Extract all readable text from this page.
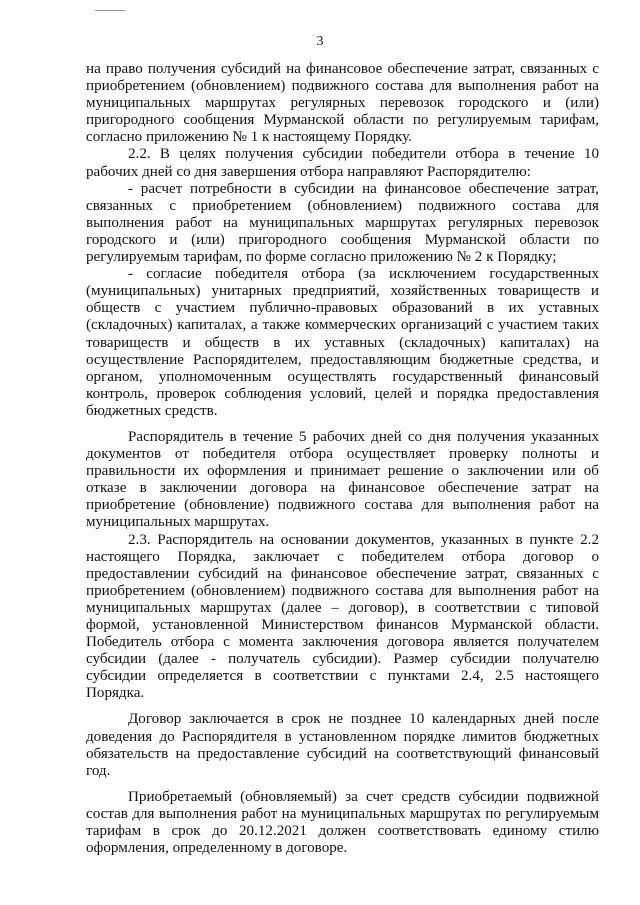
3

на право получения субсидий на финансовое обеспечение затрат, связанных с приобретением (обновлением) подвижного состава для выполнения работ на муниципальных маршрутах регулярных перевозок городского и (или) пригородного сообщения Мурманской области по регулируемым тарифам, согласно приложению № 1 к настоящему Порядку.

2.2. В целях получения субсидии победители отбора в течение 10 рабочих дней со дня завершения отбора направляют Распорядителю:

- расчет потребности в субсидии на финансовое обеспечение затрат, связанных с приобретением (обновлением) подвижного состава для выполнения работ на муниципальных маршрутах регулярных перевозок городского и (или) пригородного сообщения Мурманской области по регулируемым тарифам, по форме согласно приложению № 2 к Порядку;

- согласие победителя отбора (за исключением государственных (муниципальных) унитарных предприятий, хозяйственных товариществ и обществ с участием публично-правовых образований в их уставных (складочных) капиталах, а также коммерческих организаций с участием таких товариществ и обществ в их уставных (складочных) капиталах) на осуществление Распорядителем, предоставляющим бюджетные средства, и органом, уполномоченным осуществлять государственный финансовый контроль, проверок соблюдения условий, целей и порядка предоставления бюджетных средств.

Распорядитель в течение 5 рабочих дней со дня получения указанных документов от победителя отбора осуществляет проверку полноты и правильности их оформления и принимает решение о заключении или об отказе в заключении договора на финансовое обеспечение затрат на приобретение (обновление) подвижного состава для выполнения работ на муниципальных маршрутах.

2.3. Распорядитель на основании документов, указанных в пункте 2.2 настоящего Порядка, заключает с победителем отбора договор о предоставлении субсидий на финансовое обеспечение затрат, связанных с приобретением (обновлением) подвижного состава для выполнения работ на муниципальных маршрутах (далее – договор), в соответствии с типовой формой, установленной Министерством финансов Мурманской области. Победитель отбора с момента заключения договора является получателем субсидии (далее - получатель субсидии). Размер субсидии получателю субсидии определяется в соответствии с пунктами 2.4, 2.5 настоящего Порядка.

Договор заключается в срок не позднее 10 календарных дней после доведения до Распорядителя в установленном порядке лимитов бюджетных обязательств на предоставление субсидий на соответствующий финансовый год.

Приобретаемый (обновляемый) за счет средств субсидии подвижной состав для выполнения работ на муниципальных маршрутах по регулируемым тарифам в срок до 20.12.2021 должен соответствовать единому стилю оформления, определенному в договоре.
